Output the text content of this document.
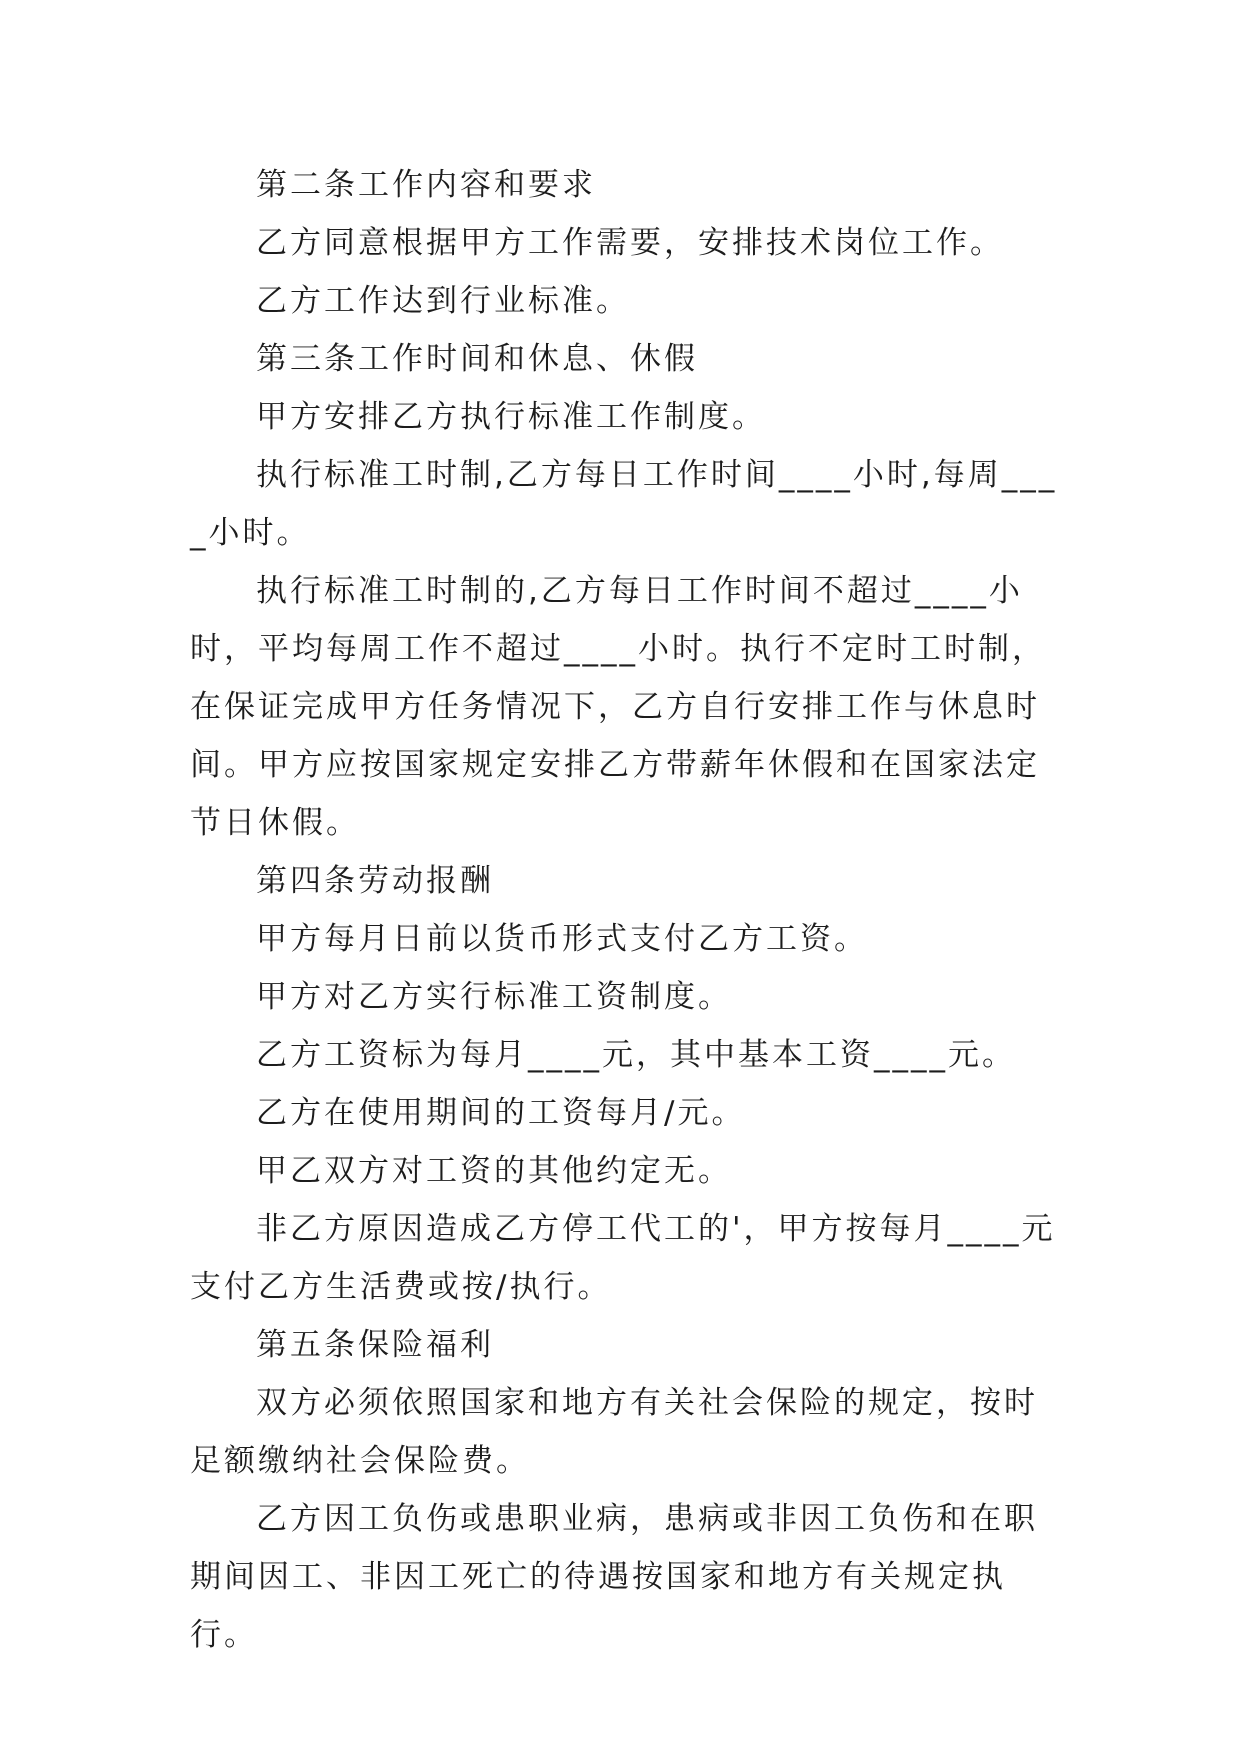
第二条工作内容和要求

乙方同意根据甲方工作需要，安排技术岗位工作。

乙方工作达到行业标准。

第三条工作时间和休息、休假

甲方安排乙方执行标准工作制度。

执行标准工时制,乙方每日工作时间____小时,每周____小时。

执行标准工时制的,乙方每日工作时间不超过____小时，平均每周工作不超过____小时。执行不定时工时制，在保证完成甲方任务情况下，乙方自行安排工作与休息时间。甲方应按国家规定安排乙方带薪年休假和在国家法定节日休假。

第四条劳动报酬

甲方每月日前以货币形式支付乙方工资。

甲方对乙方实行标准工资制度。

乙方工资标为每月____元，其中基本工资____元。

乙方在使用期间的工资每月/元。

甲乙双方对工资的其他约定无。

非乙方原因造成乙方停工代工的'，甲方按每月____元支付乙方生活费或按/执行。

第五条保险福利

双方必须依照国家和地方有关社会保险的规定，按时足额缴纳社会保险费。

乙方因工负伤或患职业病，患病或非因工负伤和在职期间因工、非因工死亡的待遇按国家和地方有关规定执行。
